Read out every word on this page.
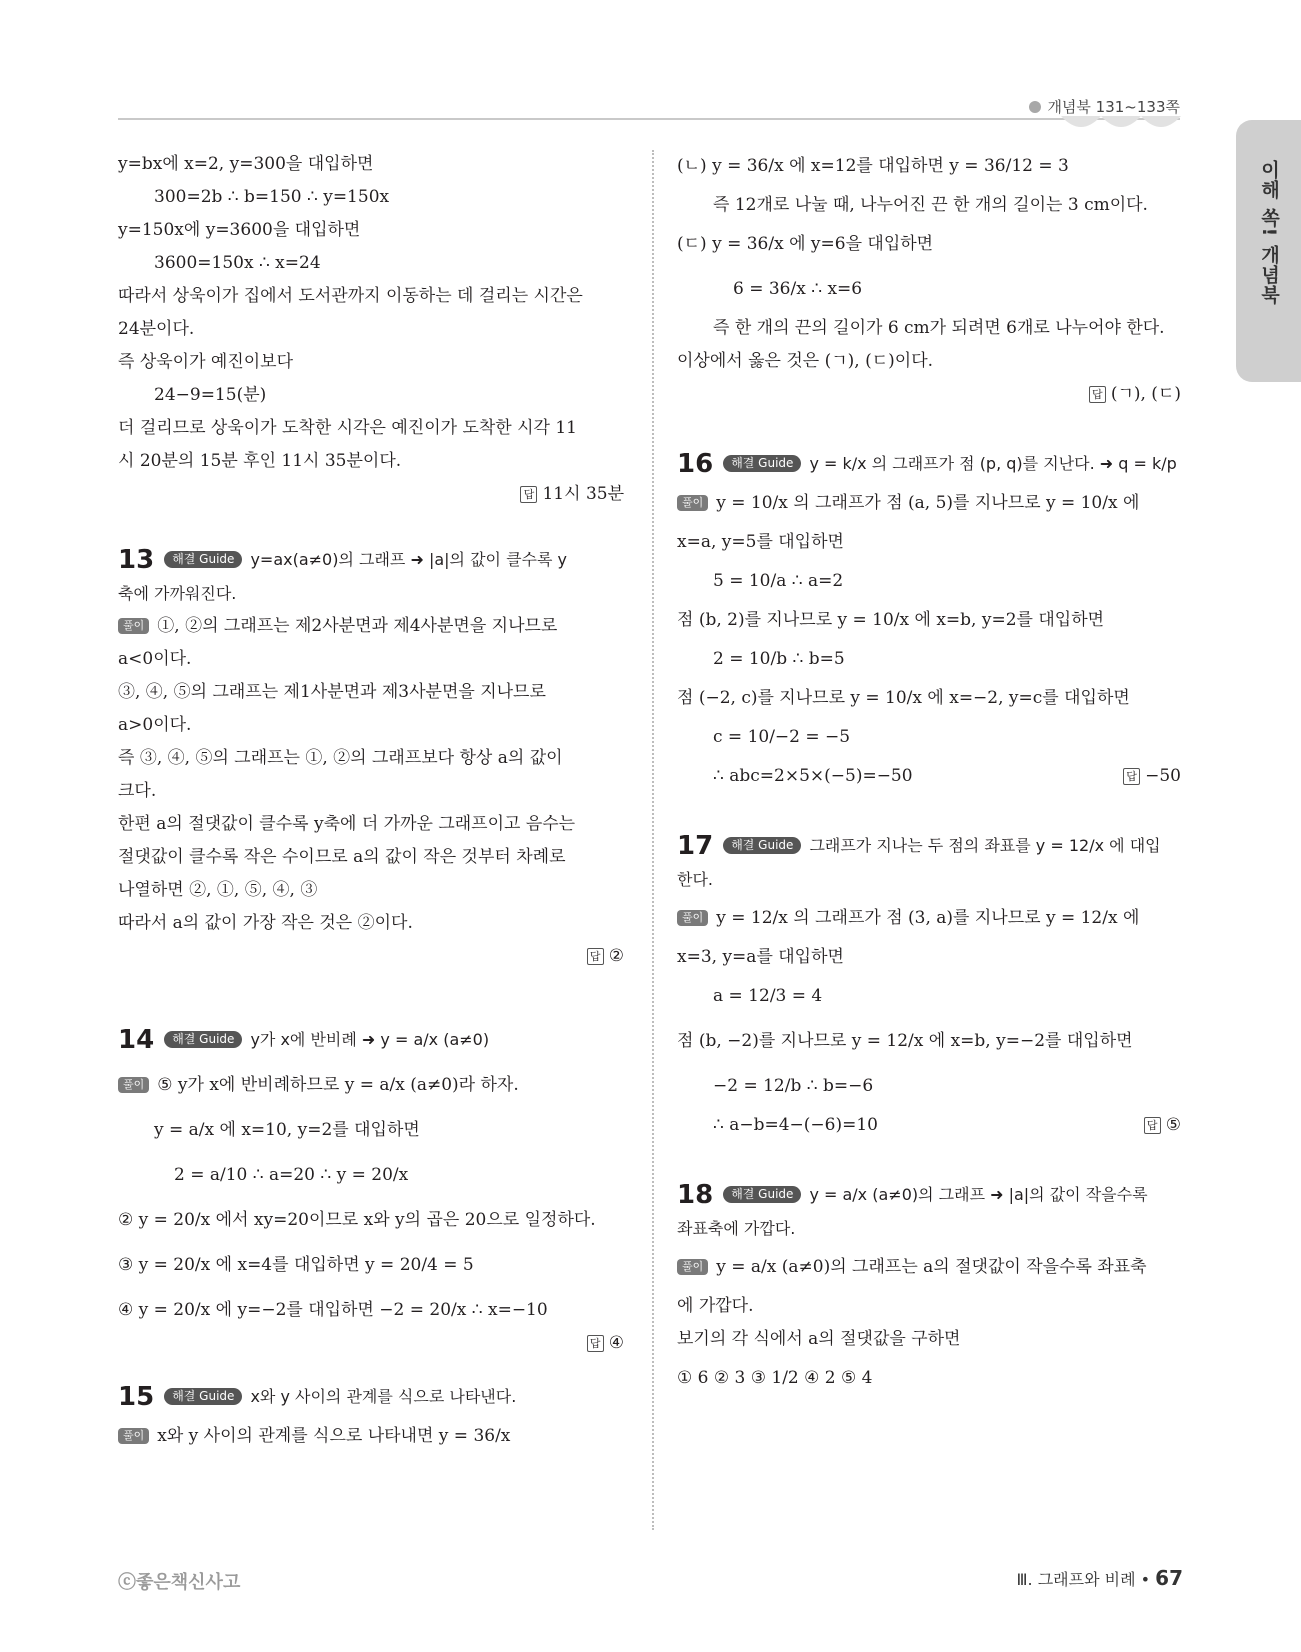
개념북 131~133쪽
이해 쏙! 개념북

y=bx에 x=2, y=300을 대입하면

300=2b ∴ b=150 ∴ y=150x

y=150x에 y=3600을 대입하면

3600=150x ∴ x=24

따라서 상욱이가 집에서 도서관까지 이동하는 데 걸리는 시간은

24분이다.

즉 상욱이가 예진이보다

24−9=15(분)

더 걸리므로 상욱이가 도착한 시각은 예진이가 도착한 시각 11

시 20분의 15분 후인 11시 35분이다.

답 11시 35분

13 해결 Guide y=ax(a≠0)의 그래프 ➜ |a|의 값이 클수록 y

축에 가까워진다.

풀이 ①, ②의 그래프는 제2사분면과 제4사분면을 지나므로

a<0이다.

③, ④, ⑤의 그래프는 제1사분면과 제3사분면을 지나므로

a>0이다.

즉 ③, ④, ⑤의 그래프는 ①, ②의 그래프보다 항상 a의 값이

크다.

한편 a의 절댓값이 클수록 y축에 더 가까운 그래프이고 음수는

절댓값이 클수록 작은 수이므로 a의 값이 작은 것부터 차례로

나열하면 ②, ①, ⑤, ④, ③

따라서 a의 값이 가장 작은 것은 ②이다.

답 ②

14 해결 Guide y가 x에 반비례 ➜ y = a/x (a≠0)

풀이 ⑤ y가 x에 반비례하므로 y = a/x (a≠0)라 하자.

y = a/x 에 x=10, y=2를 대입하면

2 = a/10 ∴ a=20 ∴ y = 20/x

② y = 20/x 에서 xy=20이므로 x와 y의 곱은 20으로 일정하다.

③ y = 20/x 에 x=4를 대입하면 y = 20/4 = 5

④ y = 20/x 에 y=−2를 대입하면 −2 = 20/x ∴ x=−10

답 ④

15 해결 Guide x와 y 사이의 관계를 식으로 나타낸다.

풀이 x와 y 사이의 관계를 식으로 나타내면 y = 36/x

(ㄴ) y = 36/x 에 x=12를 대입하면 y = 36/12 = 3

즉 12개로 나눌 때, 나누어진 끈 한 개의 길이는 3 cm이다.

(ㄷ) y = 36/x 에 y=6을 대입하면

6 = 36/x ∴ x=6

즉 한 개의 끈의 길이가 6 cm가 되려면 6개로 나누어야 한다.

이상에서 옳은 것은 (ㄱ), (ㄷ)이다.

답 (ㄱ), (ㄷ)

16 해결 Guide y = k/x 의 그래프가 점 (p, q)를 지난다. ➜ q = k/p

풀이 y = 10/x 의 그래프가 점 (a, 5)를 지나므로 y = 10/x 에

x=a, y=5를 대입하면

5 = 10/a ∴ a=2

점 (b, 2)를 지나므로 y = 10/x 에 x=b, y=2를 대입하면

2 = 10/b ∴ b=5

점 (−2, c)를 지나므로 y = 10/x 에 x=−2, y=c를 대입하면

c = 10/−2 = −5

∴ abc=2×5×(−5)=−50	답 −50

17 해결 Guide 그래프가 지나는 두 점의 좌표를 y = 12/x 에 대입

한다.

풀이 y = 12/x 의 그래프가 점 (3, a)를 지나므로 y = 12/x 에

x=3, y=a를 대입하면

a = 12/3 = 4

점 (b, −2)를 지나므로 y = 12/x 에 x=b, y=−2를 대입하면

−2 = 12/b ∴ b=−6

∴ a−b=4−(−6)=10	답 ⑤

18 해결 Guide y = a/x (a≠0)의 그래프 ➜ |a|의 값이 작을수록

좌표축에 가깝다.

풀이 y = a/x (a≠0)의 그래프는 a의 절댓값이 작을수록 좌표축

에 가깝다.

보기의 각 식에서 a의 절댓값을 구하면

① 6 ② 3 ③ 1/2 ④ 2 ⑤ 4

ⓒ좋은책신사고	Ⅲ. 그래프와 비례 • 67
